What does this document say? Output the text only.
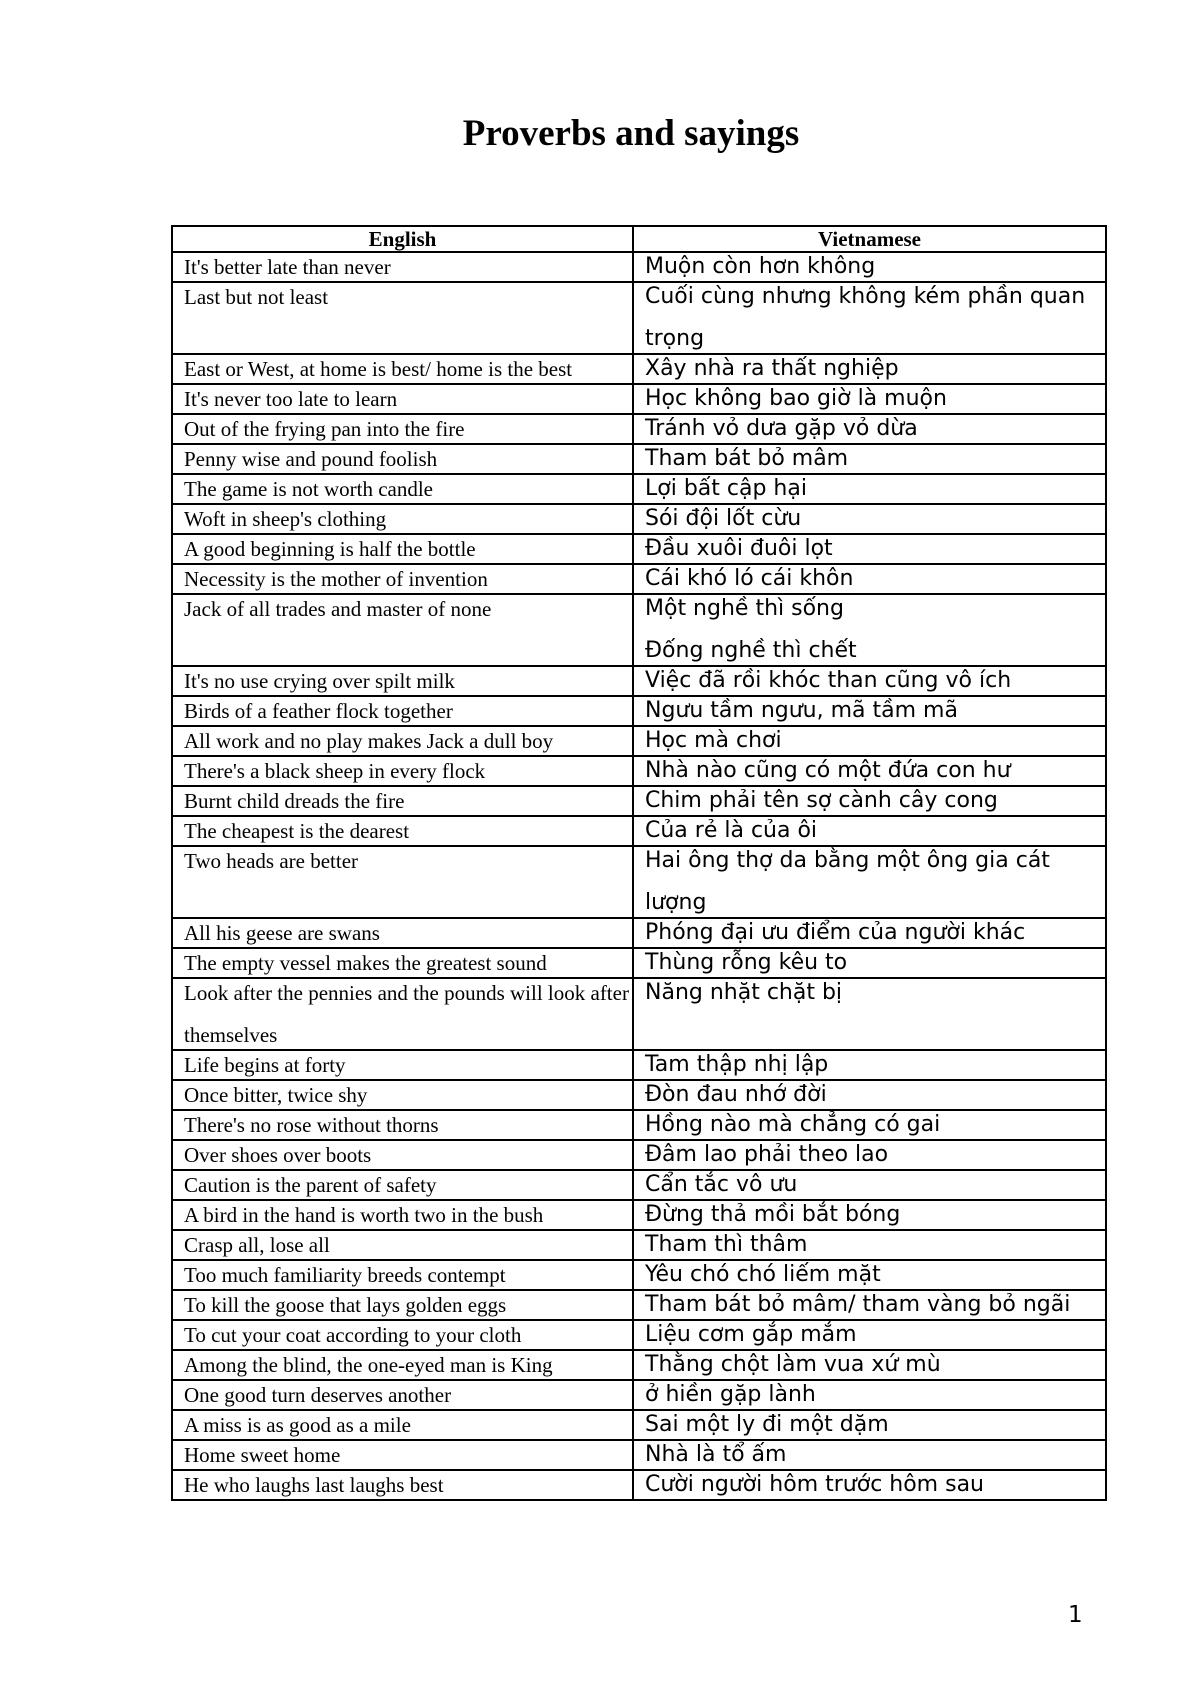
Proverbs and sayings
English	Vietnamese

It's better late than never	Muộn còn hơn không

Last but not least	Cuối cùng nhưng không kém phần quan trọng

East or West, at home is best/ home is the best	Xây nhà ra thất nghiệp

It's never too late to learn	Học không bao giờ là muộn

Out of the frying pan into the fire	Tránh vỏ dưa gặp vỏ dừa

Penny wise and pound foolish	Tham bát bỏ mâm

The game is not worth candle	Lợi bất cập hại

Woft in sheep's clothing	Sói đội lốt cừu

A good beginning is half the bottle	Đầu xuôi đuôi lọt

Necessity is the mother of invention	Cái khó ló cái khôn

Jack of all trades and master of none	Một nghề thì sống
Đống nghề thì chết

It's no use crying over spilt milk	Việc đã rồi khóc than cũng vô ích

Birds of a feather flock together	Ngưu tầm ngưu, mã tầm mã

All work and no play makes Jack a dull boy	Học mà chơi

There's a black sheep in every flock	Nhà nào cũng có một đứa con hư

Burnt child dreads the fire	Chim phải tên sợ cành cây cong

The cheapest is the dearest	Của rẻ là của ôi

Two heads are better	Hai ông thợ da bằng một ông gia cát lượng

All his geese are swans	Phóng đại ưu điểm của người khác

The empty vessel makes the greatest sound	Thùng rỗng kêu to

Look after the pennies and the pounds will look after themselves	Năng nhặt chặt bị

Life begins at forty	Tam thập nhị lập

Once bitter, twice shy	Đòn đau nhớ đời

There's no rose without thorns	Hồng nào mà chẳng có gai

Over shoes over boots	Đâm lao phải theo lao

Caution is the parent of safety	Cẩn tắc vô ưu

A bird in the hand is worth two in the bush	Đừng thả mồi bắt bóng

Crasp all, lose all	Tham thì thâm

Too much familiarity breeds contempt	Yêu chó chó liếm mặt

To kill the goose that lays golden eggs	Tham bát bỏ mâm/ tham vàng bỏ ngãi

To cut your coat according to your cloth	Liệu cơm gắp mắm

Among the blind, the one-eyed man is King	Thằng chột làm vua xứ mù

One good turn deserves another	ở hiền gặp lành

A miss is as good as a mile	Sai một ly đi một dặm

Home sweet home	Nhà là tổ ấm

He who laughs last laughs best	Cười người hôm trước hôm sau
1
